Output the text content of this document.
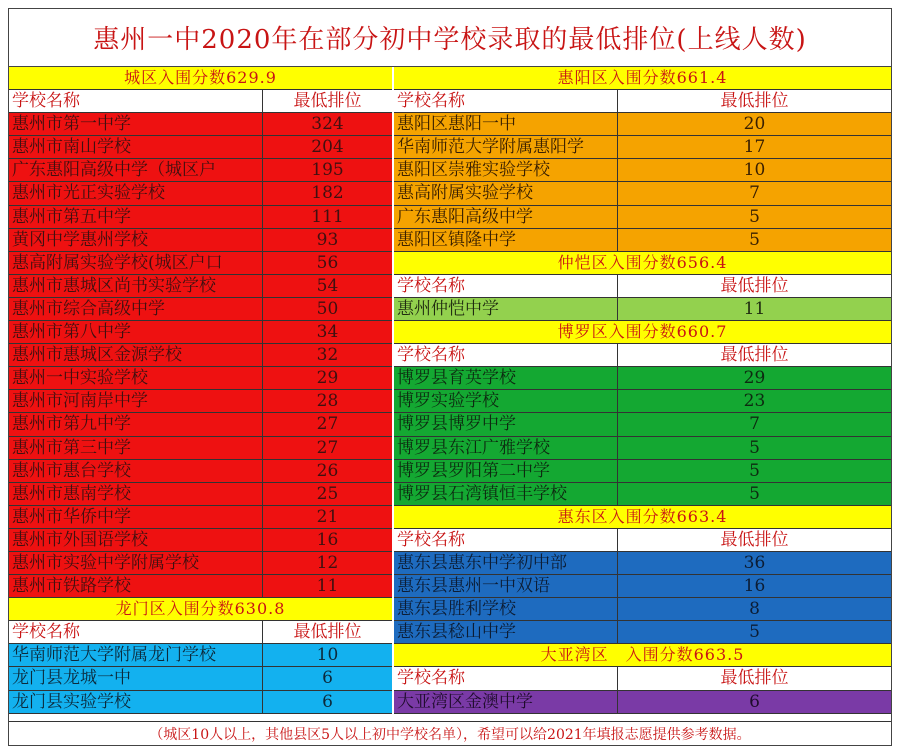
惠州一中2020年在部分初中学校录取的最低排位(上线人数)
城区入围分数629.9
学校名称	最低排位
惠州市第一中学	324
惠州市南山学校	204
广东惠阳高级中学（城区户	195
惠州市光正实验学校	182
惠州市第五中学	111
黄冈中学惠州学校	93
惠高附属实验学校(城区户口	56
惠州市惠城区尚书实验学校	54
惠州市综合高级中学	50
惠州市第八中学	34
惠州市惠城区金源学校	32
惠州一中实验学校	29
惠州市河南岸中学	28
惠州市第九中学	27
惠州市第三中学	27
惠州市惠台学校	26
惠州市惠南学校	25
惠州市华侨中学	21
惠州市外国语学校	16
惠州市实验中学附属学校	12
惠州市铁路学校	11
龙门区入围分数630.8
学校名称	最低排位
华南师范大学附属龙门学校	10
龙门县龙城一中	6
龙门县实验学校	6
惠阳区入围分数661.4
学校名称	最低排位
惠阳区惠阳一中	20
华南师范大学附属惠阳学	17
惠阳区崇雅实验学校	10
惠高附属实验学校	7
广东惠阳高级中学	5
惠阳区镇隆中学	5
仲恺区入围分数656.4
学校名称	最低排位
惠州仲恺中学	11
博罗区入围分数660.7
学校名称	最低排位
博罗县育英学校	29
博罗实验学校	23
博罗县博罗中学	7
博罗县东江广雅学校	5
博罗县罗阳第二中学	5
博罗县石湾镇恒丰学校	5
惠东区入围分数663.4
学校名称	最低排位
惠东县惠东中学初中部	36
惠东县惠州一中双语	16
惠东县胜利学校	8
惠东县稔山中学	5
大亚湾区　入围分数663.5
学校名称	最低排位
大亚湾区金澳中学	6
（城区10人以上，其他县区5人以上初中学校名单），希望可以给2021年填报志愿提供参考数据。
